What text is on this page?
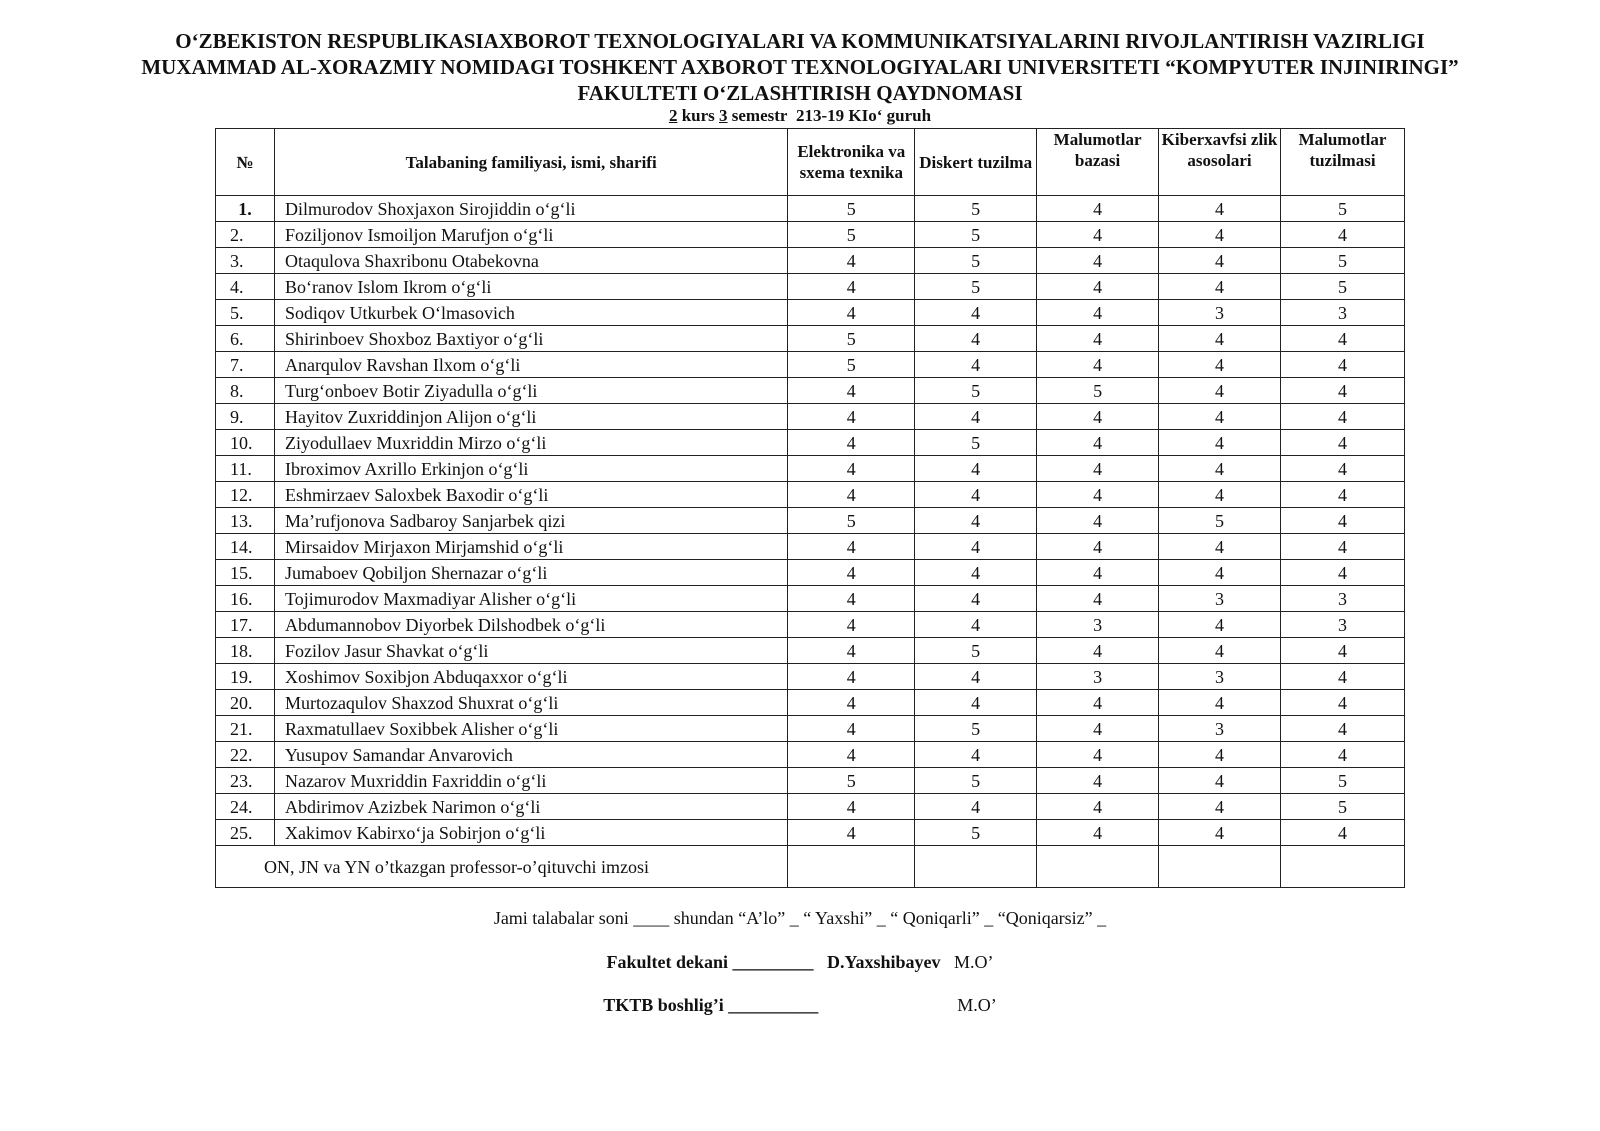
O‘ZBEKISTON RESPUBLIKASIAXBOROT TEXNOLOGIYALARI VA KOMMUNIKATSIYALARINI RIVOJLANTIRISH VAZIRLIGI
MUXAMMAD AL-XORAZMIY NOMIDAGI TOSHKENT AXBOROT TEXNOLOGIYALARI UNIVERSITETI “KOMPYUTER INJINIRINGI”
FAKULTETI O‘ZLASHTIRISH QAYDNOMASI
2 kurs 3 semestr 213-19 KIo‘ guruh
№	Talabaning familiyasi, ismi, sharifi	Elektronika va sxema texnika	Diskert tuzilma	Malumotlar bazasi	Kiberxavfsi zlik asosolari	Malumotlar tuzilmasi
1.	Dilmurodov Shoxjaxon Sirojiddin o‘g‘li	5	5	4	4	5
2.	Foziljonov Ismoiljon Marufjon o‘g‘li	5	5	4	4	4
3.	Otaqulova Shaxribonu Otabekovna	4	5	4	4	5
4.	Bo‘ranov Islom Ikrom o‘g‘li	4	5	4	4	5
5.	Sodiqov Utkurbek O‘lmasovich	4	4	4	3	3
6.	Shirinboev Shoxboz Baxtiyor o‘g‘li	5	4	4	4	4
7.	Anarqulov Ravshan Ilxom o‘g‘li	5	4	4	4	4
8.	Turg‘onboev Botir Ziyadulla o‘g‘li	4	5	5	4	4
9.	Hayitov Zuxriddinjon Alijon o‘g‘li	4	4	4	4	4
10.	Ziyodullaev Muxriddin Mirzo o‘g‘li	4	5	4	4	4
11.	Ibroximov Axrillo Erkinjon o‘g‘li	4	4	4	4	4
12.	Eshmirzaev Saloxbek Baxodir o‘g‘li	4	4	4	4	4
13.	Ma’rufjonova Sadbaroy Sanjarbek qizi	5	4	4	5	4
14.	Mirsaidov Mirjaxon Mirjamshid o‘g‘li	4	4	4	4	4
15.	Jumaboev Qobiljon Shernazar o‘g‘li	4	4	4	4	4
16.	Tojimurodov Maxmadiyar Alisher o‘g‘li	4	4	4	3	3
17.	Abdumannobov Diyorbek Dilshodbek o‘g‘li	4	4	3	4	3
18.	Fozilov Jasur Shavkat o‘g‘li	4	5	4	4	4
19.	Xoshimov Soxibjon Abduqaxxor o‘g‘li	4	4	3	3	4
20.	Murtozaqulov Shaxzod Shuxrat o‘g‘li	4	4	4	4	4
21.	Raxmatullaev Soxibbek Alisher o‘g‘li	4	5	4	3	4
22.	Yusupov Samandar Anvarovich	4	4	4	4	4
23.	Nazarov Muxriddin Faxriddin o‘g‘li	5	5	4	4	5
24.	Abdirimov Azizbek Narimon o‘g‘li	4	4	4	4	5
25.	Xakimov Kabirxo‘ja Sobirjon o‘g‘li	4	5	4	4	4
ON, JN va YN o’tkazgan professor-o’qituvchi imzosi						
Jami talabalar soni ____ shundan “A’lo” _ “ Yaxshi” _ “ Qoniqarli” _ “Qoniqarsiz” _
Fakultet dekani _________ D.Yaxshibayev M.O’
TKTB boshlig’i __________	M.O’
